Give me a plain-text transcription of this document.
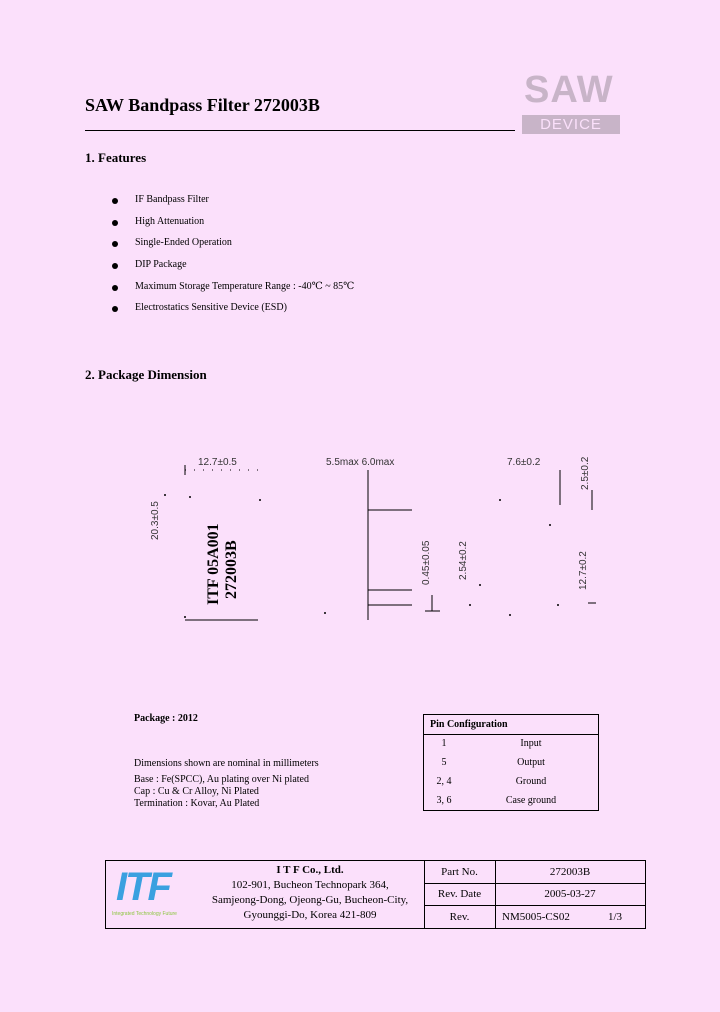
SAW Bandpass Filter 272003B	SAW
DEVICE
1. Features
IF Bandpass Filter
High Attenuation
Single-Ended Operation
DIP Package
Maximum Storage Temperature Range : -40℃ ~ 85℃
Electrostatics Sensitive Device (ESD)
2. Package Dimension
12.7±0.5
20.3±0.5
5.5max 6.0max
0.45±0.05	2.54±0.2
7.6±0.2	2.5±0.2
12.7±0.2
ITF 05A001 272003B
Package : 2012
Dimensions shown are nominal in millimeters
Base : Fe(SPCC), Au plating over Ni plated
Cap : Cu & Cr Alloy, Ni Plated
Termination : Kovar, Au Plated
Pin Configuration	
1	Input
5	Output
2, 4	Ground
3, 6	Case ground
ITF
Integrated Technology Future
I T F Co., Ltd.
102-901, Bucheon Technopark 364,
Samjeong-Dong, Ojeong-Gu, Bucheon-City,
Gyounggi-Do, Korea 421-809
Part No.	272003B
Rev. Date	2005-03-27
Rev.	NM5005-CS02	1/3
